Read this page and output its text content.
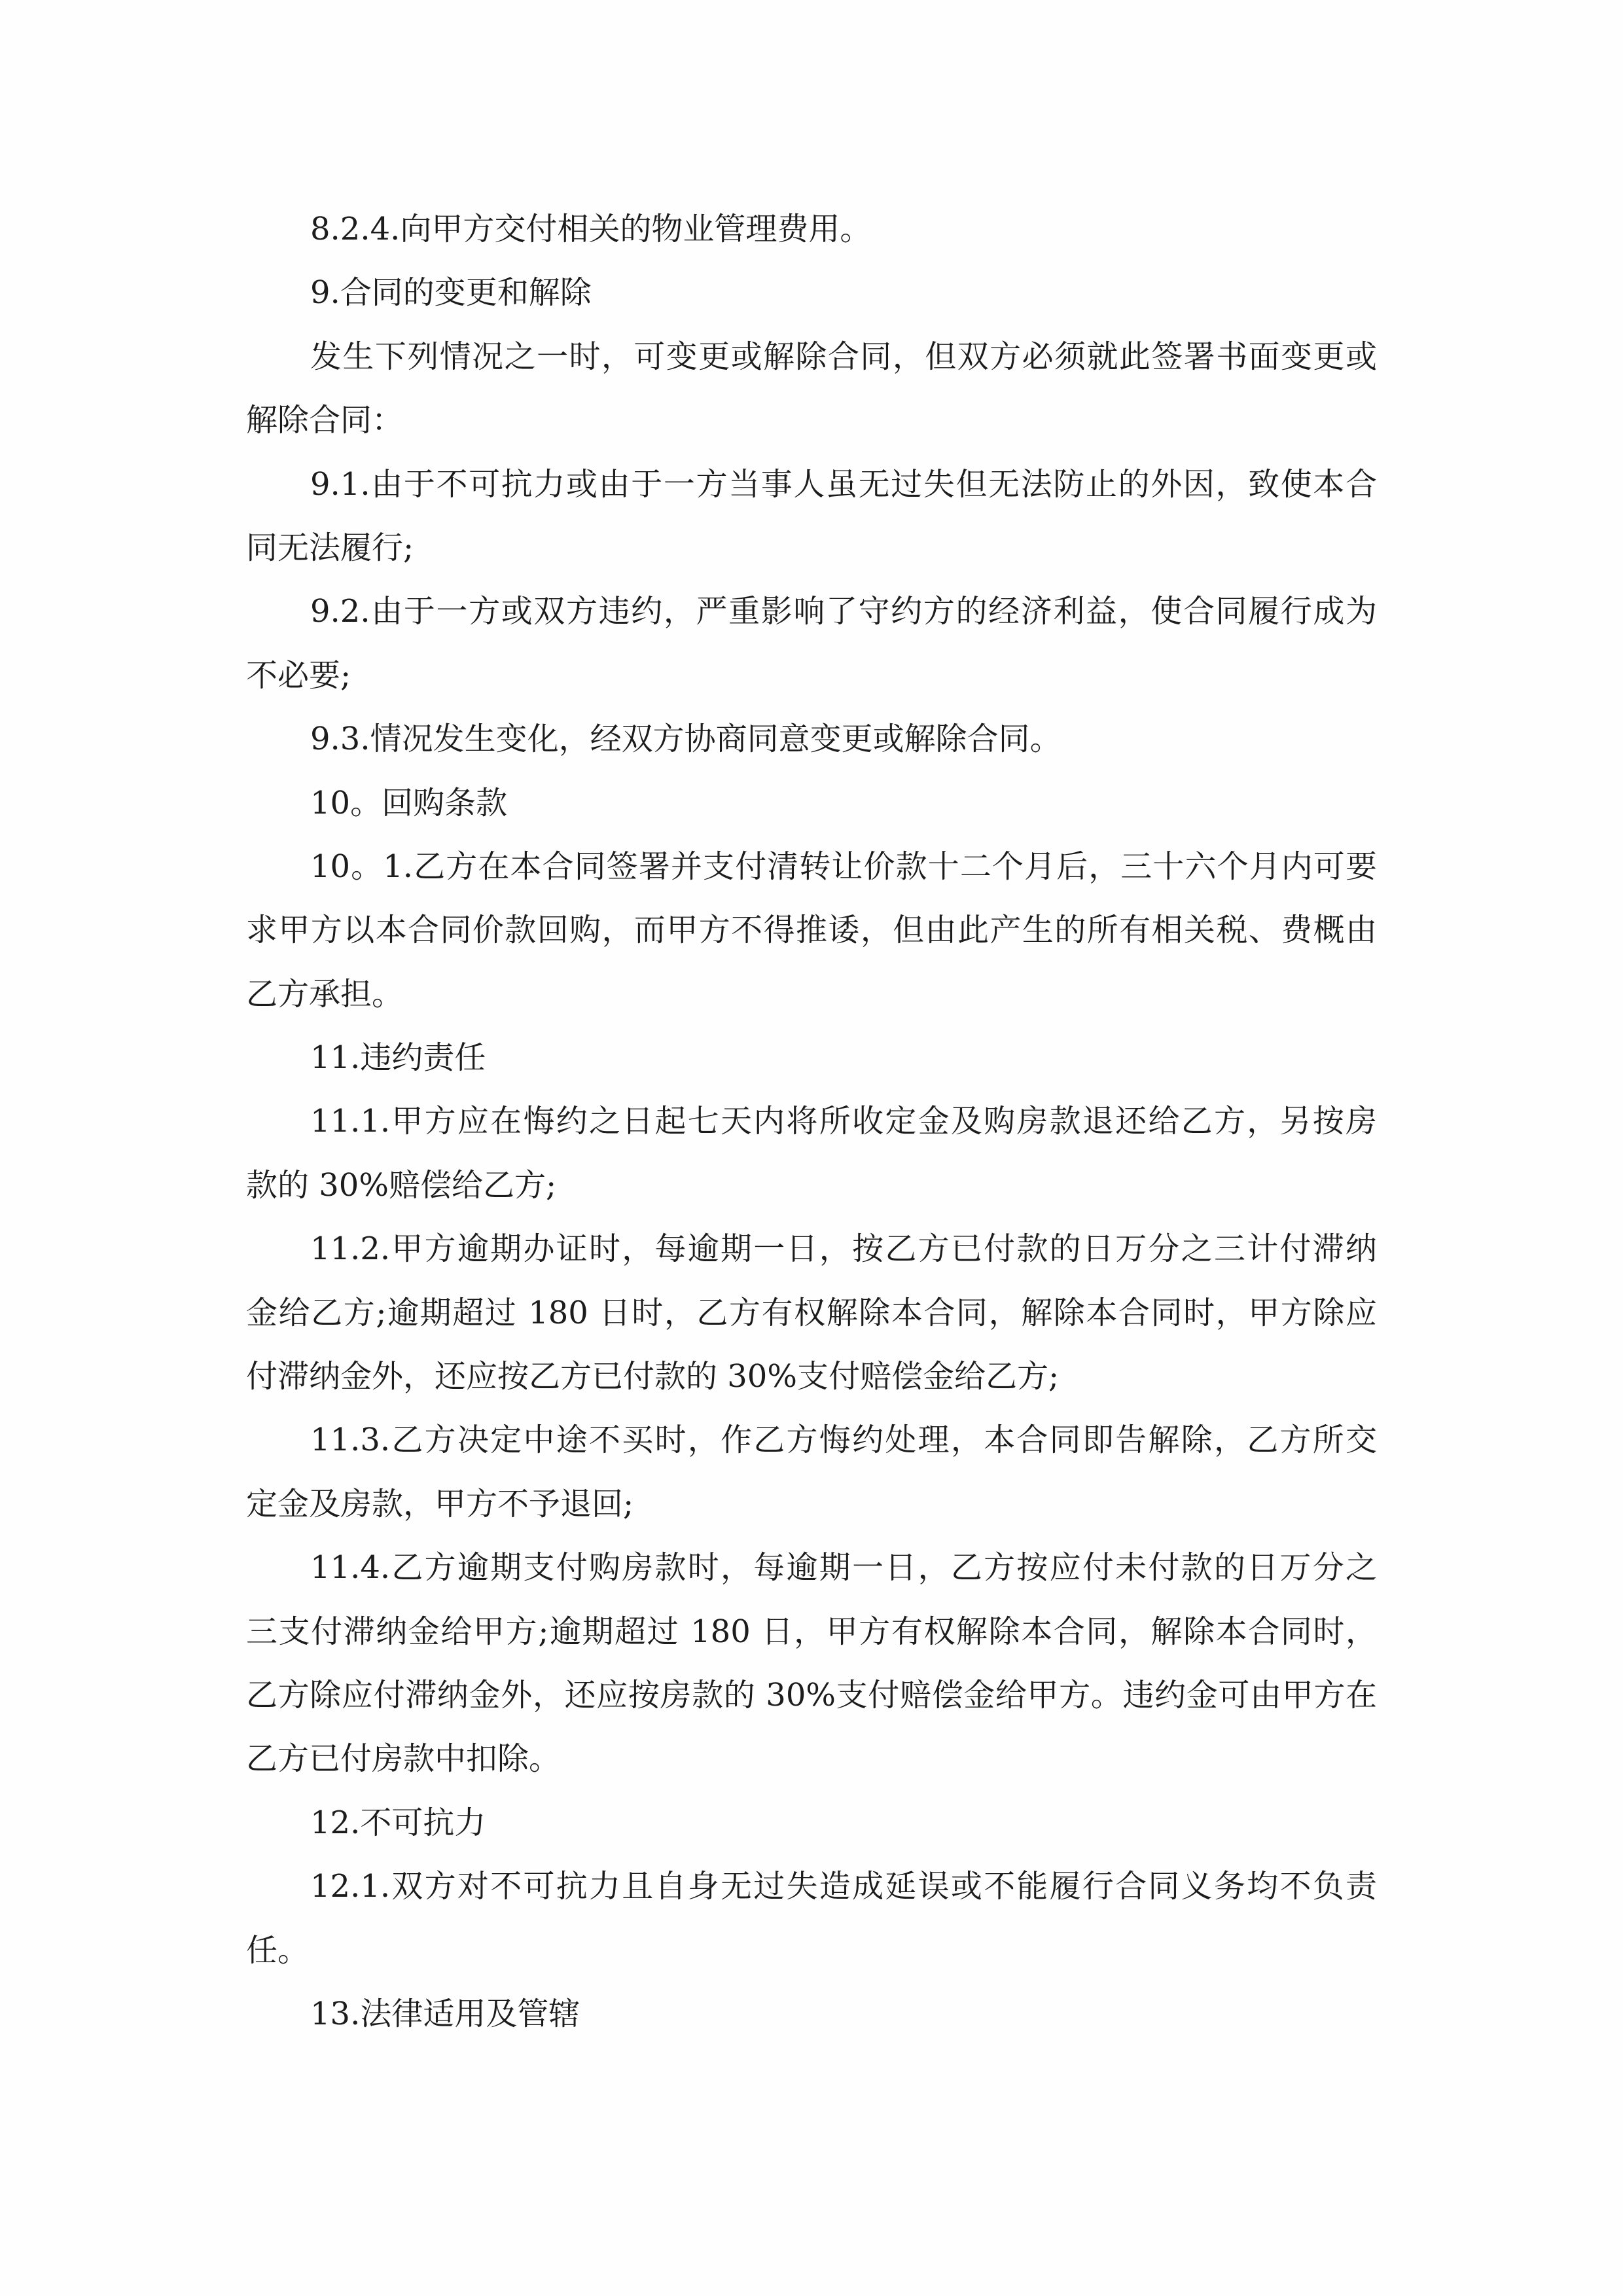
8.2.4.向甲方交付相关的物业管理费用。
9.合同的变更和解除
发生下列情况之一时，可变更或解除合同，但双方必须就此签署书面变更或
解除合同：
9.1.由于不可抗力或由于一方当事人虽无过失但无法防止的外因，致使本合
同无法履行;
9.2.由于一方或双方违约，严重影响了守约方的经济利益，使合同履行成为
不必要;
9.3.情况发生变化，经双方协商同意变更或解除合同。
10。回购条款
10。1.乙方在本合同签署并支付清转让价款十二个月后，三十六个月内可要
求甲方以本合同价款回购，而甲方不得推诿，但由此产生的所有相关税、费概由
乙方承担。
11.违约责任
11.1.甲方应在悔约之日起七天内将所收定金及购房款退还给乙方，另按房
款的 30%赔偿给乙方;
11.2.甲方逾期办证时，每逾期一日，按乙方已付款的日万分之三计付滞纳
金给乙方;逾期超过 180 日时，乙方有权解除本合同，解除本合同时，甲方除应
付滞纳金外，还应按乙方已付款的 30%支付赔偿金给乙方;
11.3.乙方决定中途不买时，作乙方悔约处理，本合同即告解除，乙方所交
定金及房款，甲方不予退回;
11.4.乙方逾期支付购房款时，每逾期一日，乙方按应付未付款的日万分之
三支付滞纳金给甲方;逾期超过 180 日，甲方有权解除本合同，解除本合同时，
乙方除应付滞纳金外，还应按房款的 30%支付赔偿金给甲方。违约金可由甲方在
乙方已付房款中扣除。
12.不可抗力
12.1.双方对不可抗力且自身无过失造成延误或不能履行合同义务均不负责
任。
13.法律适用及管辖
